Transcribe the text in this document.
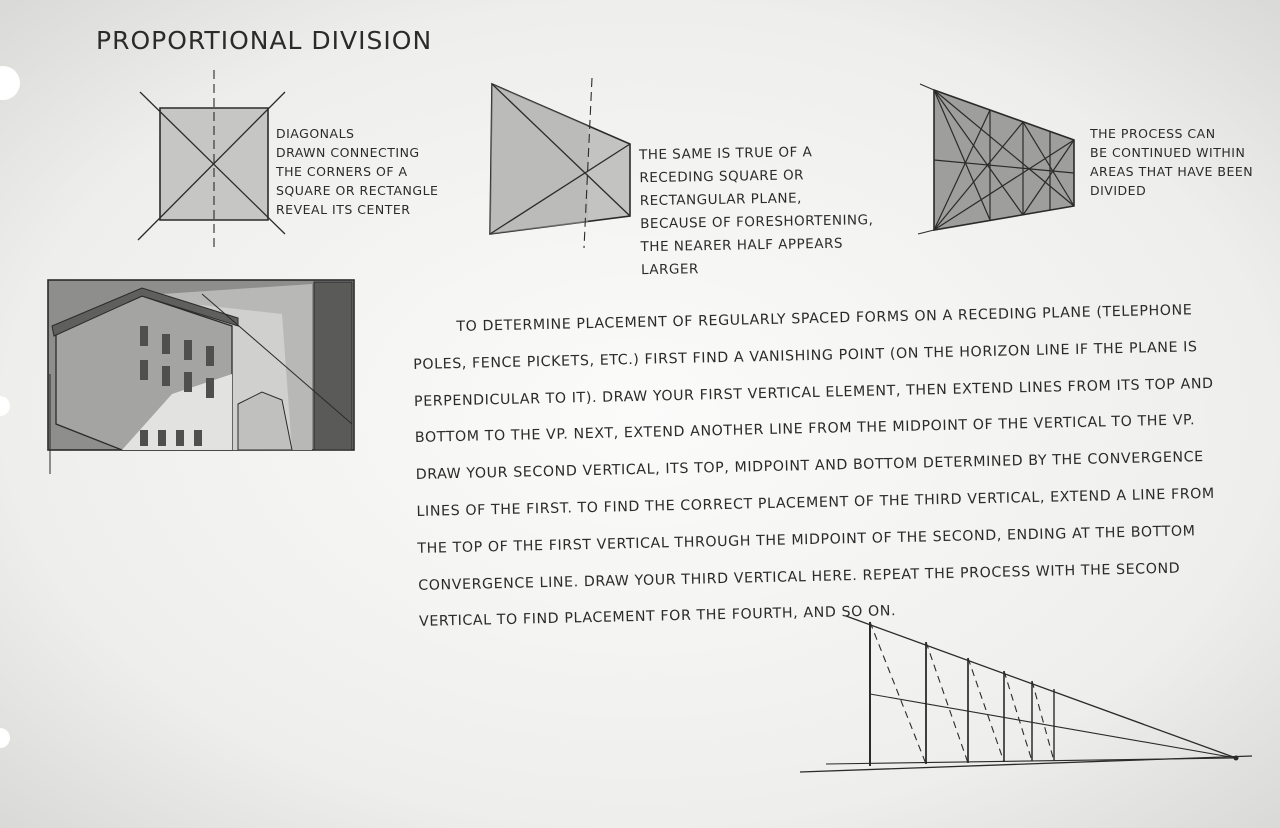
PROPORTIONAL DIVISION
DIAGONALS
DRAWN CONNECTING
THE CORNERS OF A
SQUARE OR RECTANGLE
REVEAL ITS CENTER
THE SAME IS TRUE OF A
RECEDING SQUARE OR
RECTANGULAR PLANE,
BECAUSE OF FORESHORTENING,
THE NEARER HALF APPEARS
LARGER
THE PROCESS CAN
BE CONTINUED WITHIN
AREAS THAT HAVE BEEN
DIVIDED
TO DETERMINE PLACEMENT OF REGULARLY SPACED FORMS ON A RECEDING PLANE (TELEPHONE POLES, FENCE PICKETS, ETC.) FIRST FIND A VANISHING POINT (ON THE HORIZON LINE IF THE PLANE IS PERPENDICULAR TO IT). DRAW YOUR FIRST VERTICAL ELEMENT, THEN EXTEND LINES FROM ITS TOP AND BOTTOM TO THE VP. NEXT, EXTEND ANOTHER LINE FROM THE MIDPOINT OF THE VERTICAL TO THE VP. DRAW YOUR SECOND VERTICAL, ITS TOP, MIDPOINT AND BOTTOM DETERMINED BY THE CONVERGENCE LINES OF THE FIRST. TO FIND THE CORRECT PLACEMENT OF THE THIRD VERTICAL, EXTEND A LINE FROM THE TOP OF THE FIRST VERTICAL THROUGH THE MIDPOINT OF THE SECOND, ENDING AT THE BOTTOM CONVERGENCE LINE. DRAW YOUR THIRD VERTICAL HERE. REPEAT THE PROCESS WITH THE SECOND VERTICAL TO FIND PLACEMENT FOR THE FOURTH, AND SO ON.
